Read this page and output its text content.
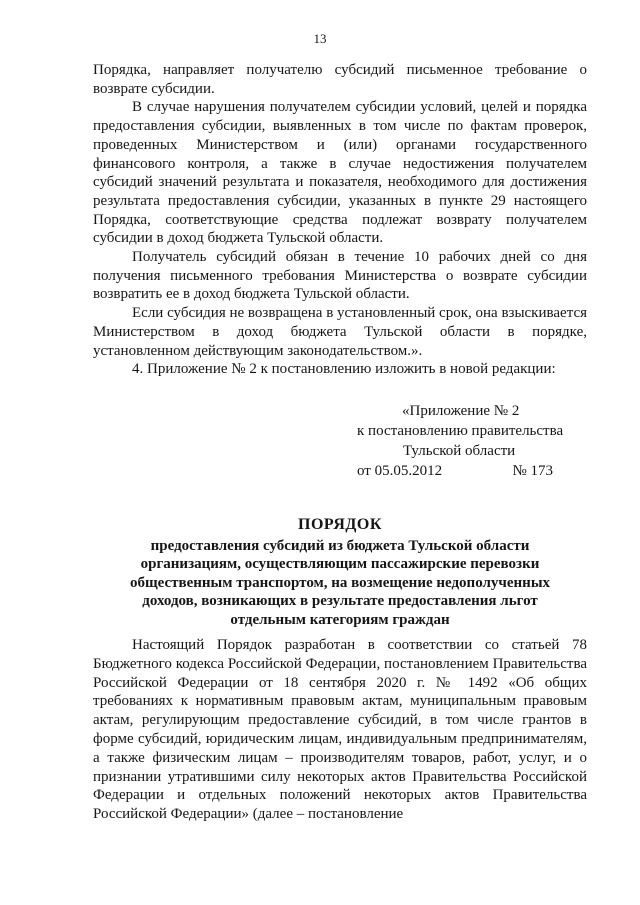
13

Порядка, направляет получателю субсидий письменное требование о возврате субсидии.

В случае нарушения получателем субсидии условий, целей и порядка предоставления субсидии, выявленных в том числе по фактам проверок, проведенных Министерством и (или) органами государственного финансового контроля, а также в случае недостижения получателем субсидий значений результата и показателя, необходимого для достижения результата предоставления субсидии, указанных в пункте 29 настоящего Порядка, соответствующие средства подлежат возврату получателем субсидии в доход бюджета Тульской области.

Получатель субсидий обязан в течение 10 рабочих дней со дня получения письменного требования Министерства о возврате субсидии возвратить ее в доход бюджета Тульской области.

Если субсидия не возвращена в установленный срок, она взыскивается Министерством в доход бюджета Тульской области в порядке, установленном действующим законодательством.».

4. Приложение № 2 к постановлению изложить в новой редакции:

«Приложение № 2
к постановлению правительства
Тульской области
от 05.05.2012	№ 173
ПОРЯДОК
предоставления субсидий из бюджета Тульской области
организациям, осуществляющим пассажирские перевозки
общественным транспортом, на возмещение недополученных
доходов, возникающих в результате предоставления льгот
отдельным категориям граждан

Настоящий Порядок разработан в соответствии со статьей 78 Бюджетного кодекса Российской Федерации, постановлением Правительства Российской Федерации от 18 сентября 2020 г. № 1492 «Об общих требованиях к нормативным правовым актам, муниципальным правовым актам, регулирующим предоставление субсидий, в том числе грантов в форме субсидий, юридическим лицам, индивидуальным предпринимателям, а также физическим лицам – производителям товаров, работ, услуг, и о признании утратившими силу некоторых актов Правительства Российской Федерации и отдельных положений некоторых актов Правительства Российской Федерации» (далее – постановление
